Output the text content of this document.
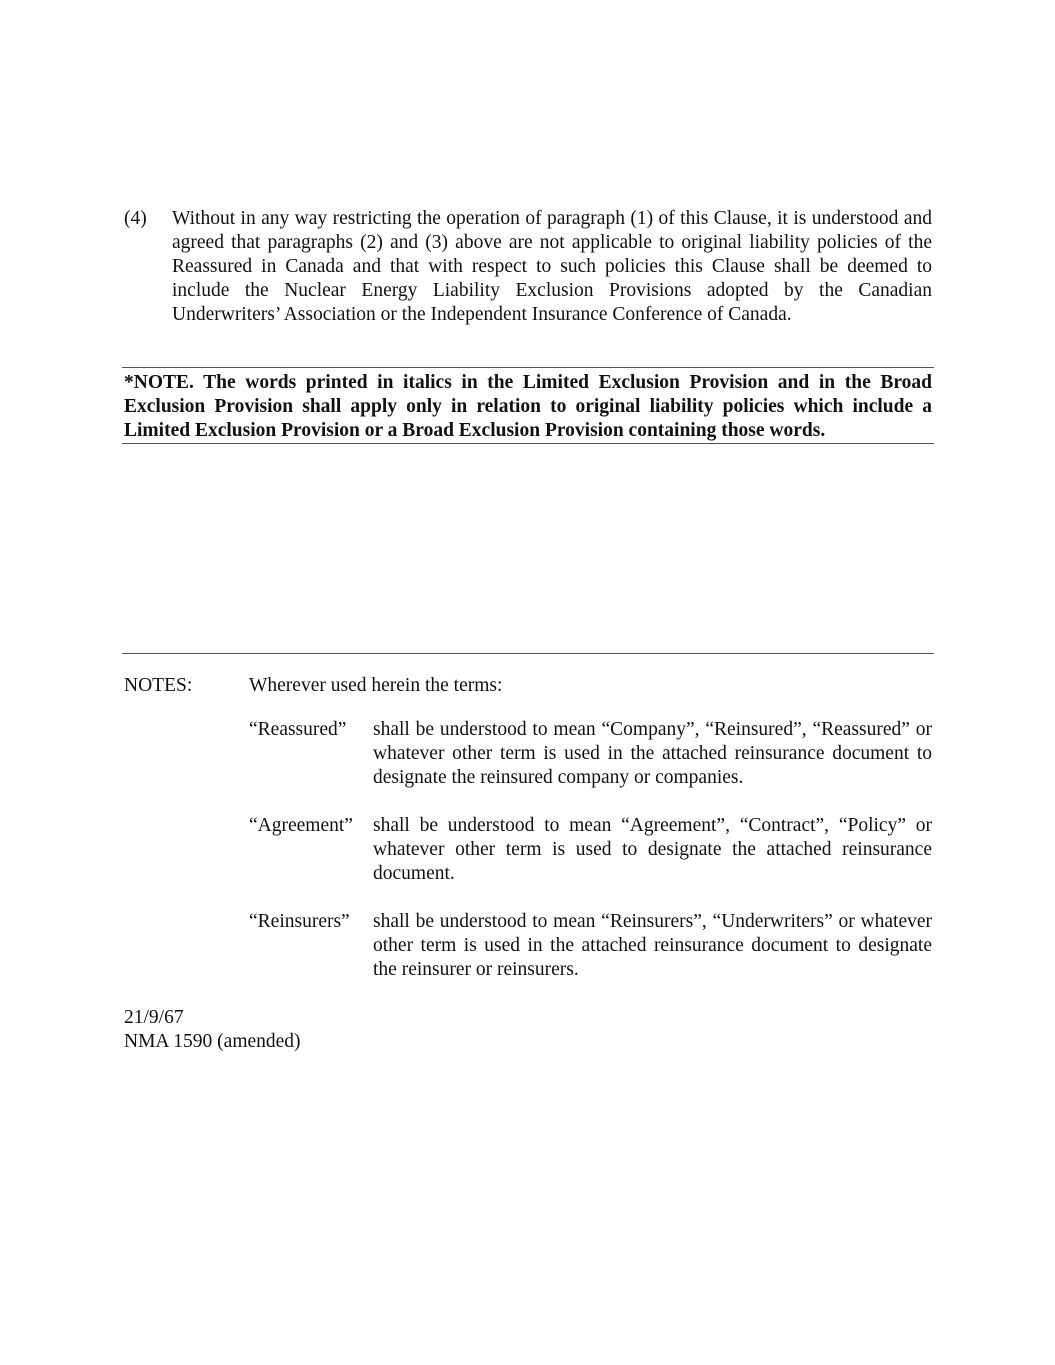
(4) Without in any way restricting the operation of paragraph (1) of this Clause, it is understood and agreed that paragraphs (2) and (3) above are not applicable to original liability policies of the Reassured in Canada and that with respect to such policies this Clause shall be deemed to include the Nuclear Energy Liability Exclusion Provisions adopted by the Canadian Underwriters’ Association or the Independent Insurance Conference of Canada.
*NOTE. The words printed in italics in the Limited Exclusion Provision and in the Broad Exclusion Provision shall apply only in relation to original liability policies which include a Limited Exclusion Provision or a Broad Exclusion Provision containing those words.
NOTES:	Wherever used herein the terms:
“Reassured”	shall be understood to mean “Company”, “Reinsured”, “Reassured” or whatever other term is used in the attached reinsurance document to designate the reinsured company or companies.
“Agreement”	shall be understood to mean “Agreement”, “Contract”, “Policy” or whatever other term is used to designate the attached reinsurance document.
“Reinsurers”	shall be understood to mean “Reinsurers”, “Underwriters” or whatever other term is used in the attached reinsurance document to designate the reinsurer or reinsurers.
21/9/67
NMA 1590 (amended)
